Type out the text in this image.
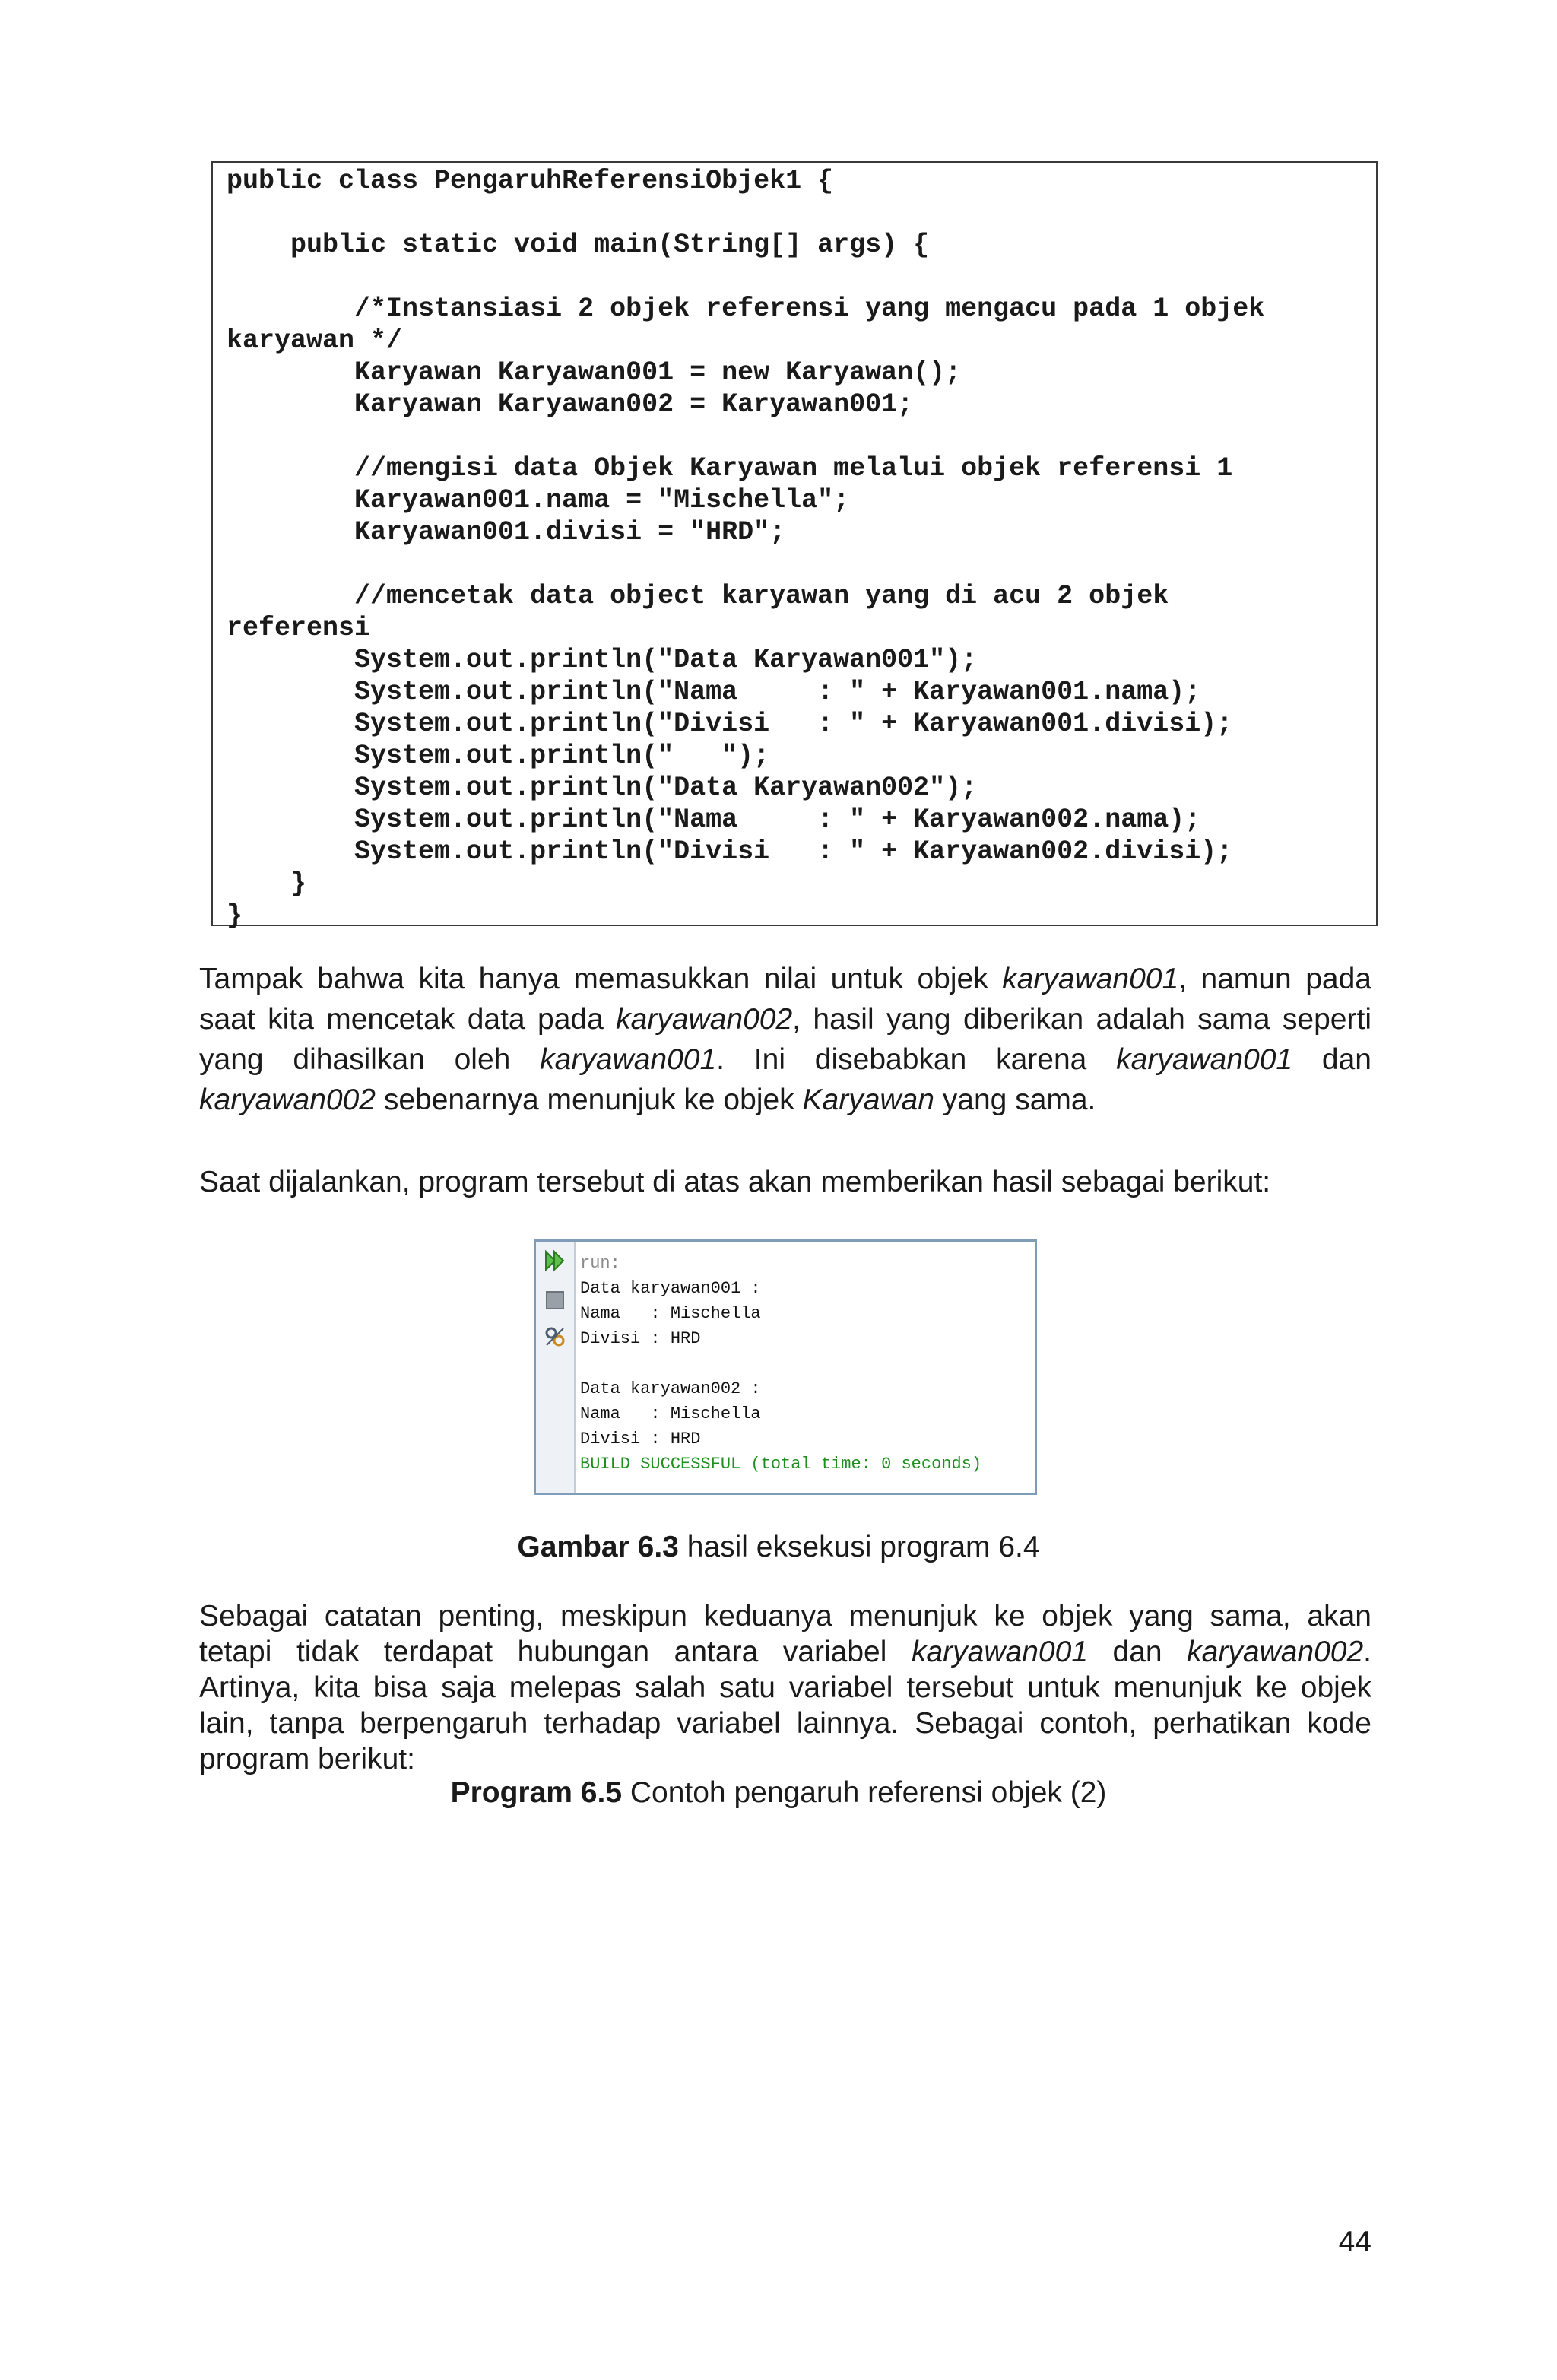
public class PengaruhReferensiObjek1 {
public static void main(String[] args) {
/*Instansiasi 2 objek referensi yang mengacu pada 1 objek
karyawan */
Karyawan Karyawan001 = new Karyawan();
Karyawan Karyawan002 = Karyawan001;
//mengisi data Objek Karyawan melalui objek referensi 1
Karyawan001.nama = "Mischella";
Karyawan001.divisi = "HRD";
//mencetak data object karyawan yang di acu 2 objek
referensi
System.out.println("Data Karyawan001");
System.out.println("Nama     : " + Karyawan001.nama);
System.out.println("Divisi   : " + Karyawan001.divisi);
System.out.println("   ");
System.out.println("Data Karyawan002");
System.out.println("Nama     : " + Karyawan002.nama);
System.out.println("Divisi   : " + Karyawan002.divisi);
}
}
Tampak bahwa kita hanya memasukkan nilai untuk objek karyawan001, namun pada
saat kita mencetak data pada karyawan002, hasil yang diberikan adalah sama seperti
yang dihasilkan oleh karyawan001. Ini disebabkan karena karyawan001 dan
karyawan002 sebenarnya menunjuk ke objek Karyawan yang sama.
Saat dijalankan, program tersebut di atas akan memberikan hasil sebagai berikut:
run:
Data karyawan001 :
Nama   : Mischella
Divisi : HRD
Data karyawan002 :
Nama   : Mischella
Divisi : HRD
BUILD SUCCESSFUL (total time: 0 seconds)
Gambar 6.3 hasil eksekusi program 6.4
Sebagai catatan penting, meskipun keduanya menunjuk ke objek yang sama, akan
tetapi tidak terdapat hubungan antara variabel karyawan001 dan karyawan002.
Artinya, kita bisa saja melepas salah satu variabel tersebut untuk menunjuk ke objek
lain, tanpa berpengaruh terhadap variabel lainnya. Sebagai contoh, perhatikan kode
program berikut:
Program 6.5 Contoh pengaruh referensi objek (2)
44
